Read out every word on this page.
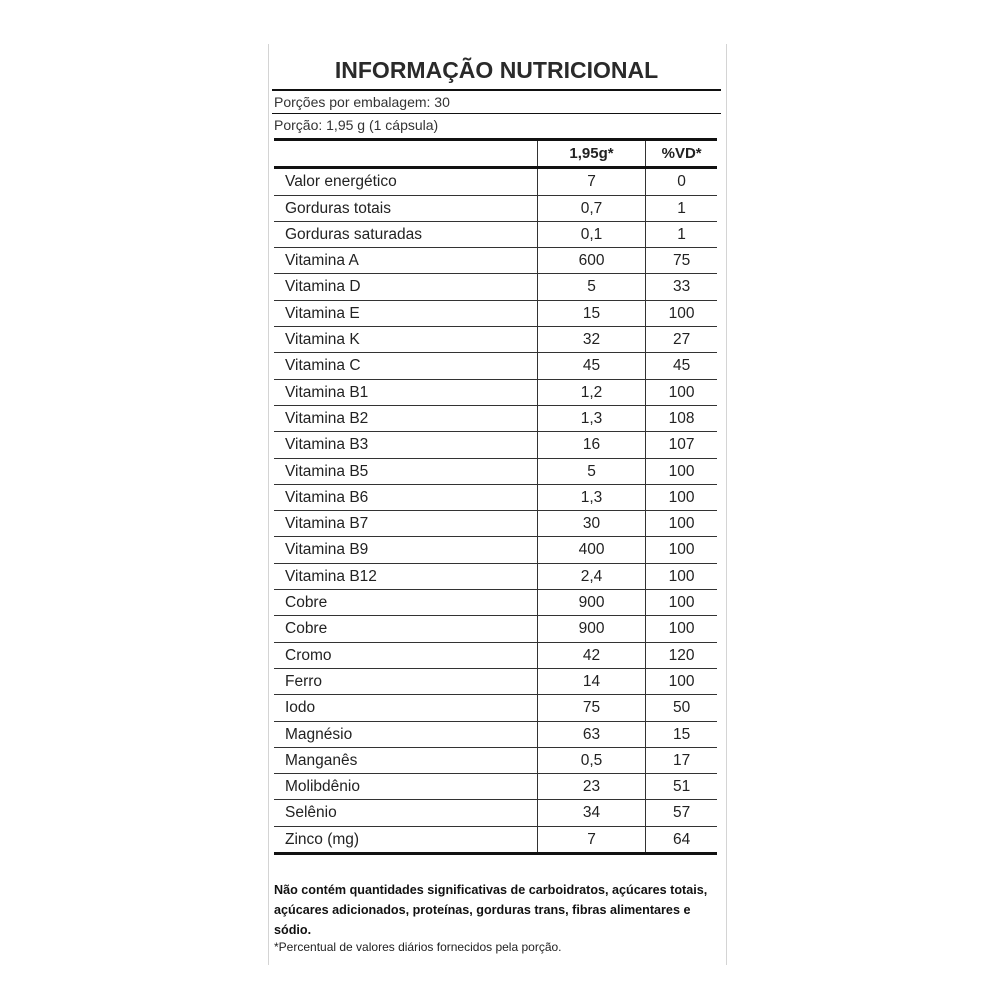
INFORMAÇÃO NUTRICIONAL
Porções por embalagem: 30
Porção: 1,95 g (1 cápsula)
	1,95g*	%VD*
Valor energético	7	0
Gorduras totais	0,7	1
Gorduras saturadas	0,1	1
Vitamina A	600	75
Vitamina D	5	33
Vitamina E	15	100
Vitamina K	32	27
Vitamina C	45	45
Vitamina B1	1,2	100
Vitamina B2	1,3	108
Vitamina B3	16	107
Vitamina B5	5	100
Vitamina B6	1,3	100
Vitamina B7	30	100
Vitamina B9	400	100
Vitamina B12	2,4	100
Cobre	900	100
Cobre	900	100
Cromo	42	120
Ferro	14	100
Iodo	75	50
Magnésio	63	15
Manganês	0,5	17
Molibdênio	23	51
Selênio	34	57
Zinco (mg)	7	64
Não contém quantidades significativas de carboidratos, açúcares totais, açúcares adicionados, proteínas, gorduras trans, fibras alimentares e sódio.
*Percentual de valores diários fornecidos pela porção.
